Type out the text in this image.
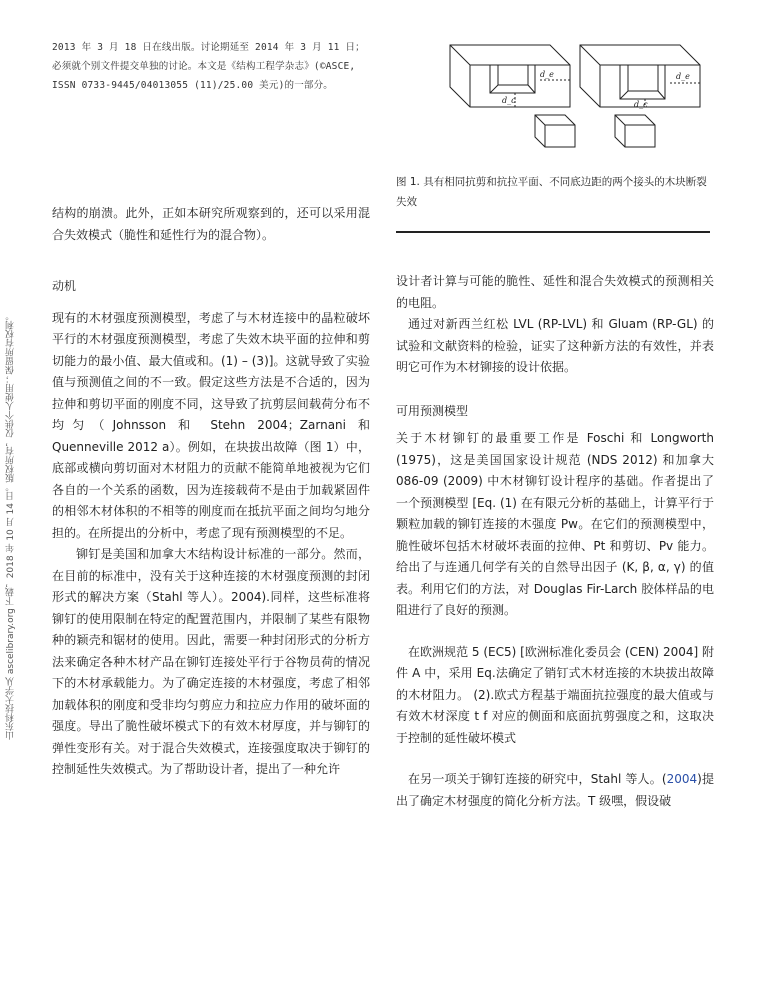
山东科技大学从 ascelibrary.org 下载，2018 年 10 月 14 日。版权所有，仅供个人使用；保留所有权利。
2013 年 3 月 18 日在线出版。讨论期延至 2014 年 3 月 11 日；必须就个别文件提交单独的讨论。本文是《结构工程学杂志》(©ASCE, ISSN 0733-9445/04013055 (11)/25.00 美元)的一部分。
d_c
d_e
d_c
d_e
图 1. 具有相同抗剪和抗拉平面、不同底边距的两个接头的木块断裂失效

结构的崩溃。此外，正如本研究所观察到的，还可以采用混合失效模式（脆性和延性行为的混合物）。

动机

现有的木材强度预测模型，考虑了与木材连接中的晶粒破坏平行的木材强度预测模型，考虑了失效木块平面的拉伸和剪切能力的最小值、最大值或和。(1) – (3)]。这就导致了实验值与预测值之间的不一致。假定这些方法是不合适的，因为拉伸和剪切平面的刚度不同，这导致了抗剪层间载荷分布不均匀（Johnsson 和 Stehn 2004；Zarnani 和 Quenneville 2012 a）。例如，在块拔出故障（图 1）中，底部或横向剪切面对木材阻力的贡献不能简单地被视为它们各自的一个关系的函数，因为连接载荷不是由于加载紧固件的相邻木材体积的不相等的刚度而在抵抗平面之间均匀地分担的。在所提出的分析中，考虑了现有预测模型的不足。

铆钉是美国和加拿大木结构设计标准的一部分。然而，在目前的标准中，没有关于这种连接的木材强度预测的封闭形式的解决方案（Stahl 等人）。2004).同样，这些标准将铆钉的使用限制在特定的配置范围内，并限制了某些有限物种的颖壳和锯材的使用。因此，需要一种封闭形式的分析方法来确定各种木材产品在铆钉连接处平行于谷物员荷的情况下的木材承载能力。为了确定连接的木材强度，考虑了相邻加载体积的刚度和受非均匀剪应力和拉应力作用的破坏面的强度。导出了脆性破坏模式下的有效木材厚度，并与铆钉的弹性变形有关。对于混合失效模式，连接强度取决于铆钉的控制延性失效模式。为了帮助设计者，提出了一种允许

设计者计算与可能的脆性、延性和混合失效模式的预测相关的电阻。

通过对新西兰红松 LVL (RP-LVL) 和 Gluam (RP-GL) 的试验和文献资料的检验，证实了这种新方法的有效性，并表明它可作为木材铆接的设计依据。

可用预测模型

关于木材铆钉的最重要工作是 Foschi 和 Longworth (1975)，这是美国国家设计规范 (NDS 2012) 和加拿大 086-09 (2009) 中木材铆钉设计程序的基础。作者提出了一个预测模型 [Eq. (1) 在有限元分析的基础上，计算平行于颗粒加载的铆钉连接的木强度 Pw。在它们的预测模型中，脆性破坏包括木材破坏表面的拉伸、Pt 和剪切、Pv 能力。给出了与连通几何学有关的自然导出因子 (K, β, α, γ) 的值表。利用它们的方法，对 Douglas Fir-Larch 胶体样品的电阻进行了良好的预测。

在欧洲规范 5 (EC5) [欧洲标准化委员会 (CEN) 2004] 附件 A 中，采用 Eq.法确定了销钉式木材连接的木块拔出故障的木材阻力。 (2).欧式方程基于端面抗拉强度的最大值或与有效木材深度 t f 对应的侧面和底面抗剪强度之和，这取决于控制的延性破坏模式

在另一项关于铆钉连接的研究中，Stahl 等人。(2004)提出了确定木材强度的简化分析方法。T 级嘿，假设破
